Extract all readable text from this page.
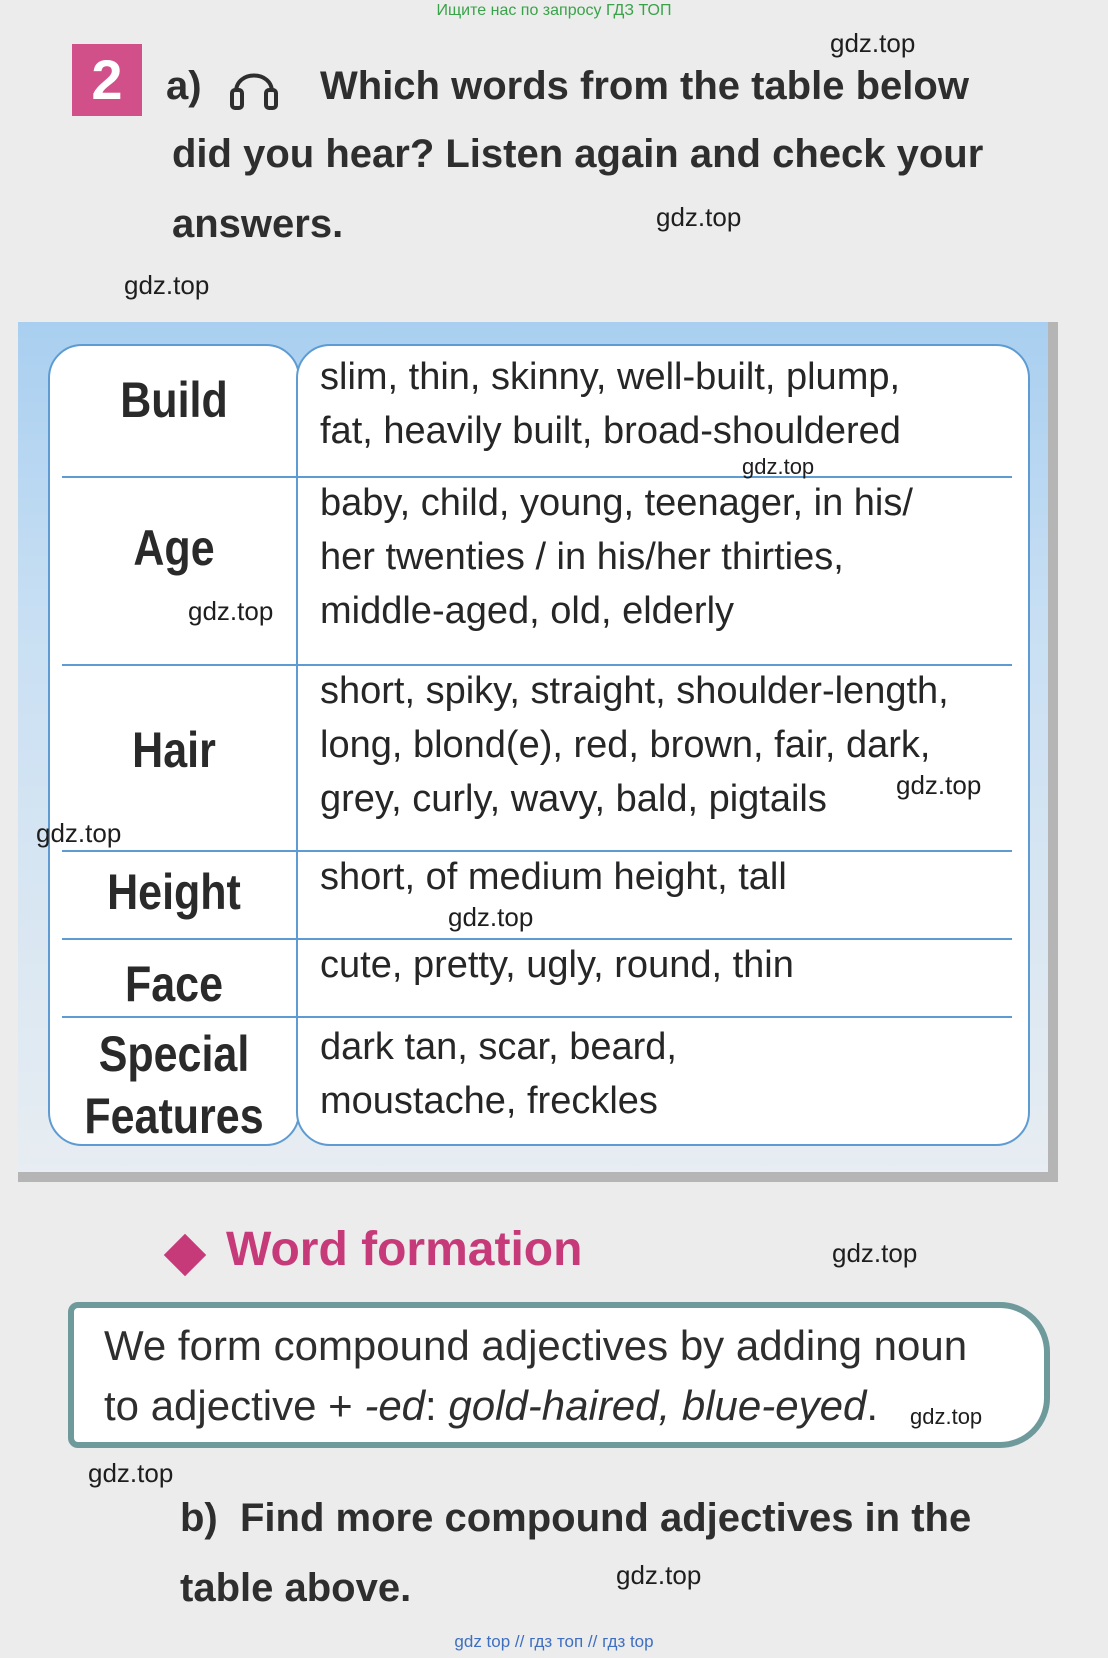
Ищите нас по запросу ГДЗ ТОП
2	a)	Which words from the table below
did you hear? Listen again and check your
answers.
Build
Age
Hair
Height
Face
Special
Features
slim, thin, skinny, well-built, plump,
fat, heavily built, broad-shouldered
baby, child, young, teenager, in his/
her twenties / in his/her thirties,
middle-aged, old, elderly
short, spiky, straight, shoulder-length,
long, blond(e), red, brown, fair, dark,
grey, curly, wavy, bald, pigtails
short, of medium height, tall
cute, pretty, ugly, round, thin
dark tan, scar, beard,
moustache, freckles
Word formation
We form compound adjectives by adding noun
to adjective + -ed: gold-haired, blue-eyed.
b) Find more compound adjectives in the
table above.
gdz.top
gdz.top
gdz.top
gdz.top
gdz.top
gdz.top
gdz.top
gdz.top
gdz.top
gdz.top
gdz.top
gdz.top
gdz top // гдз топ // гдз top
